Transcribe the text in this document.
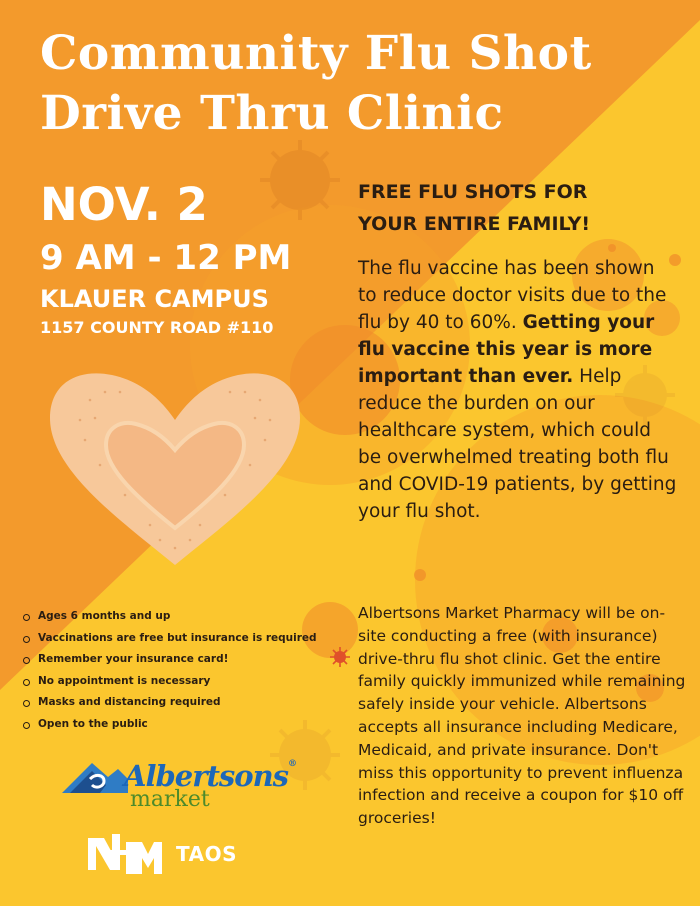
Community Flu Shot
Drive Thru Clinic
NOV. 2
9 AM - 12 PM
KLAUER CAMPUS
1157 COUNTY ROAD #110
FREE FLU SHOTS FOR
YOUR ENTIRE FAMILY!

The flu vaccine has been shown to reduce doctor visits due to the flu by 40 to 60%. Getting your flu vaccine this year is more important than ever. Help reduce the burden on our healthcare system, which could be overwhelmed treating both flu and COVID-19 patients, by getting your flu shot.

Ages 6 months and up
Vaccinations are free but insurance is required
Remember your insurance card!
No appointment is necessary
Masks and distancing required
Open to the public

Albertsons Market Pharmacy will be on-site conducting a free (with insurance) drive-thru flu shot clinic. Get the entire family quickly immunized while remaining safely inside your vehicle. Albertsons accepts all insurance including Medicare, Medicaid, and private insurance. Don't miss this opportunity to prevent influenza infection and receive a coupon for $10 off groceries!

Albertsons®
market
TAOS
